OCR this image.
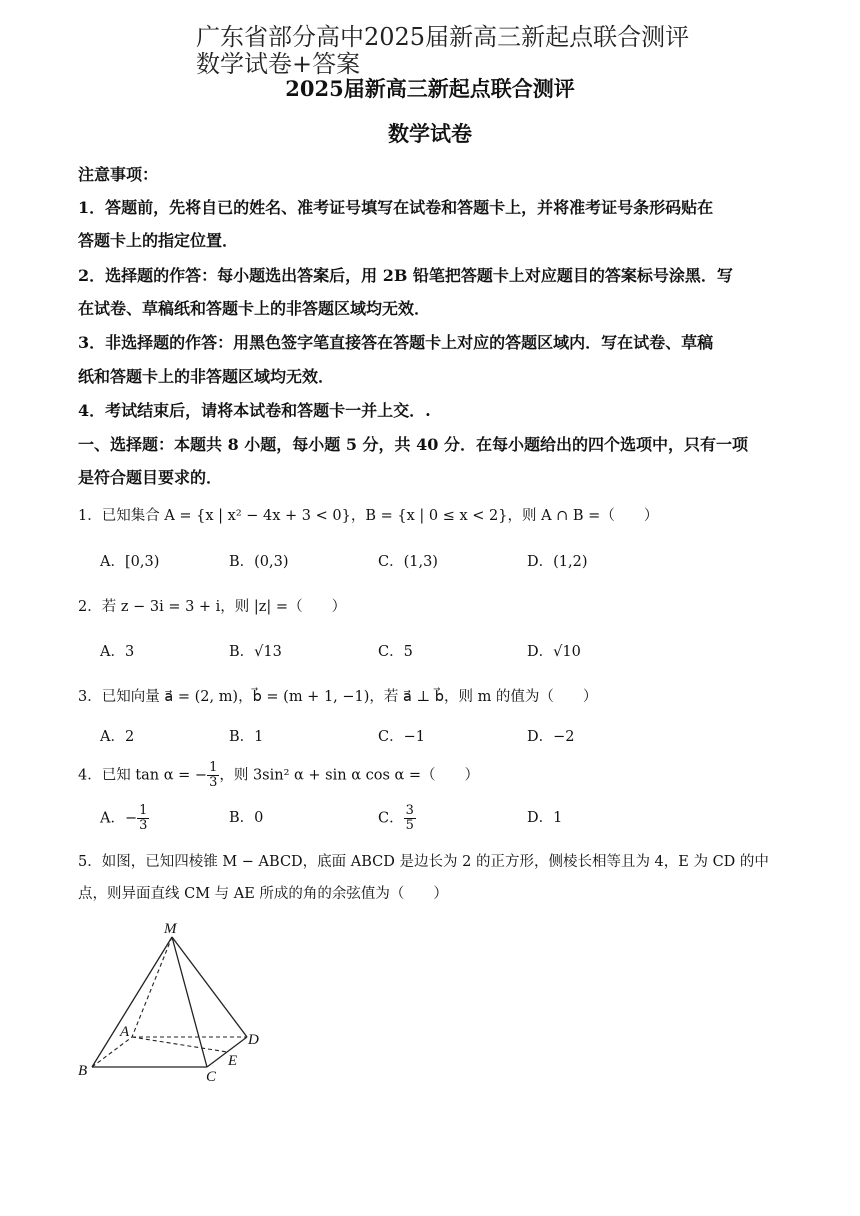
广东省部分高中2025届新高三新起点联合测评
数学试卷+答案
2025届新高三新起点联合测评
数学试卷
注意事项：
1．答题前，先将自已的姓名、准考证号填写在试卷和答题卡上，并将准考证号条形码贴在
答题卡上的指定位置．
2．选择题的作答：每小题选出答案后，用 2B 铅笔把答题卡上对应题目的答案标号涂黑．写
在试卷、草稿纸和答题卡上的非答题区域均无效．
3．非选择题的作答：用黑色签字笔直接答在答题卡上对应的答题区域内．写在试卷、草稿
纸和答题卡上的非答题区域均无效．
4．考试结束后，请将本试卷和答题卡一并上交．.
一、选择题：本题共 8 小题，每小题 5 分，共 40 分．在每小题给出的四个选项中，只有一项
是符合题目要求的．
1．已知集合 A = {x | x² − 4x + 3 < 0}，B = {x | 0 ≤ x < 2}，则 A ∩ B =（　　）
A．[0,3)	B．(0,3)	C．(1,3)	D．(1,2)
2．若 z − 3i = 3 + i，则 |z| =（　　）
A．3	B．√13	C．5	D．√10
3．已知向量 a⃗ = (2, m)，b⃗ = (m + 1, −1)，若 a⃗ ⊥ b⃗，则 m 的值为（　　）
A．2	B．1	C．−1	D．−2
4．已知 tan α = − $\frac{1}{3}$ ，则 3sin² α + sin α cos α =（　　）
A．− $\frac{1}{3}$	B．0	C． $\frac{3}{5}$	D．1
5．如图，已知四棱锥 M − ABCD，底面 ABCD 是边长为 2 的正方形，侧棱长相等且为 4，E 为 CD 的中
点，则异面直线 CM 与 AE 所成的角的余弦值为（　　）
M
A
B	C
D
E
